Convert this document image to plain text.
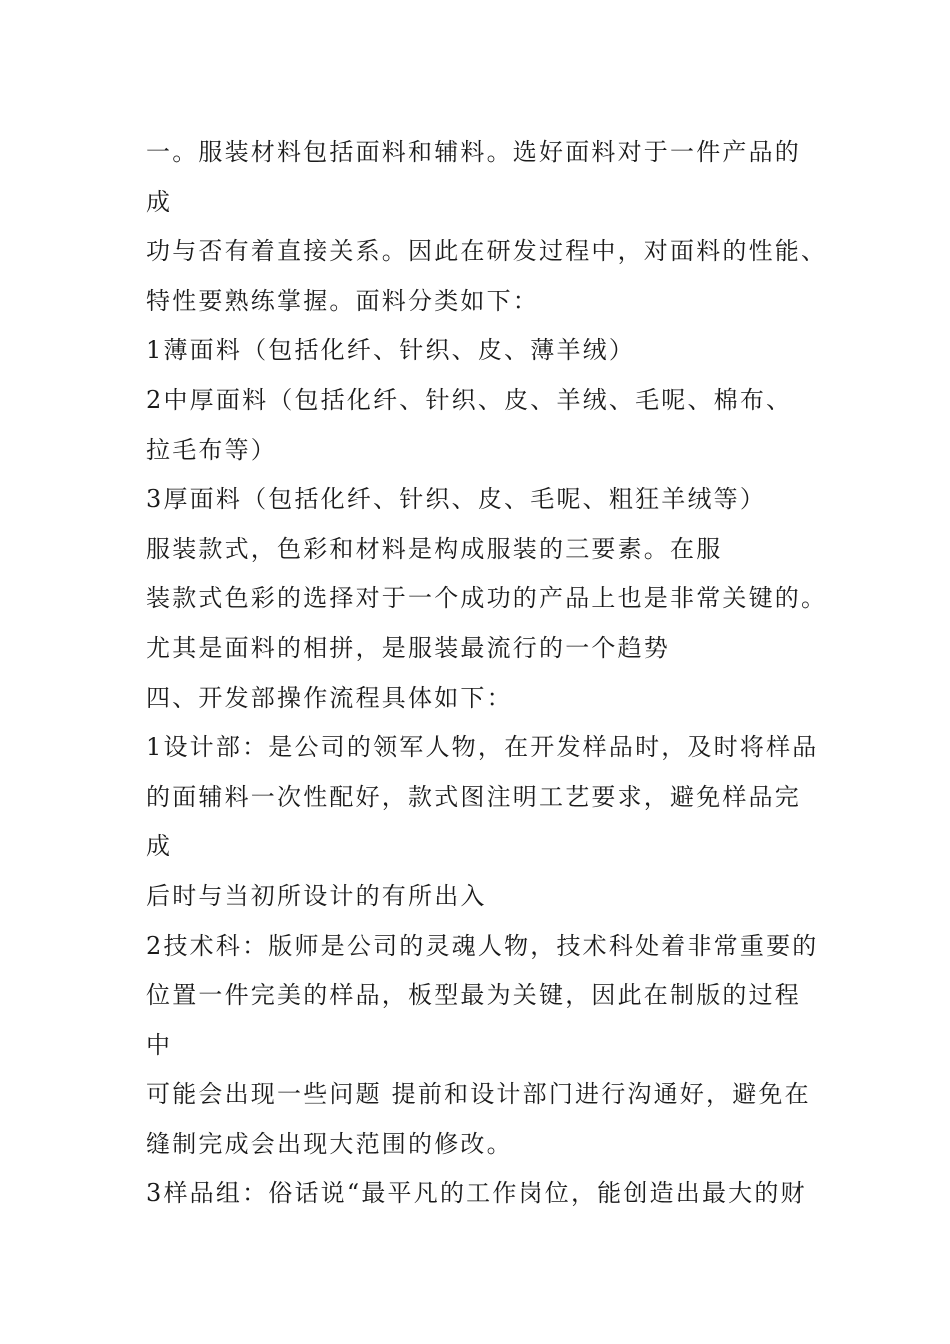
一。服装材料包括面料和辅料。选好面料对于一件产品的
成
功与否有着直接关系。因此在研发过程中，对面料的性能、
特性要熟练掌握。面料分类如下：
1薄面料（包括化纤、针织、皮、薄羊绒）
2中厚面料（包括化纤、针织、皮、羊绒、毛呢、棉布、
拉毛布等）
3厚面料（包括化纤、针织、皮、毛呢、粗狂羊绒等）
服装款式，色彩和材料是构成服装的三要素。在服
装款式色彩的选择对于一个成功的产品上也是非常关键的。
尤其是面料的相拼，是服装最流行的一个趋势
四、开发部操作流程具体如下：
1设计部：是公司的领军人物，在开发样品时，及时将样品
的面辅料一次性配好，款式图注明工艺要求，避免样品完
成
后时与当初所设计的有所出入
2技术科：版师是公司的灵魂人物，技术科处着非常重要的
位置一件完美的样品，板型最为关键，因此在制版的过程
中
可能会出现一些问题 提前和设计部门进行沟通好，避免在
缝制完成会出现大范围的修改。
3样品组：俗话说“最平凡的工作岗位，能创造出最大的财
